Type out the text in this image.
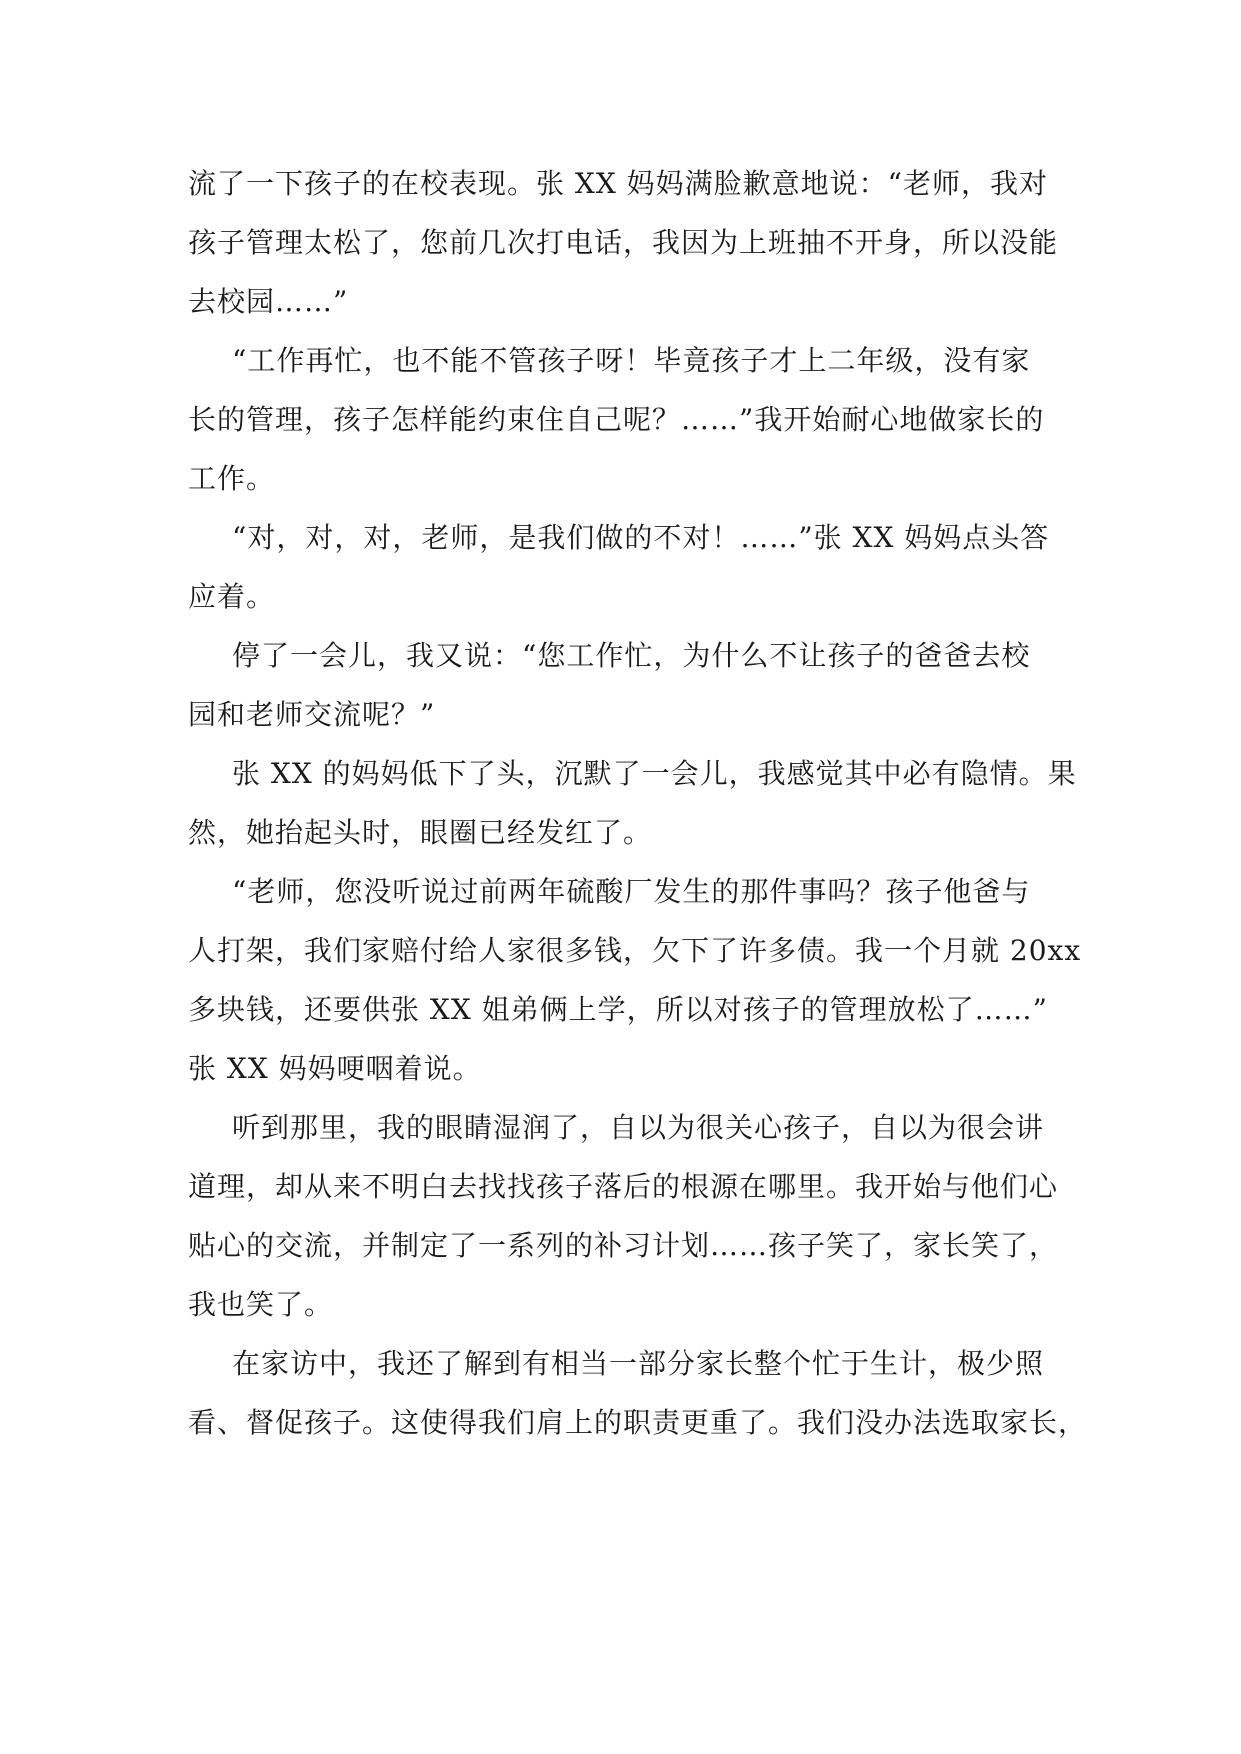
流了一下孩子的在校表现。张 XX 妈妈满脸歉意地说：“老师，我对
孩子管理太松了，您前几次打电话，我因为上班抽不开身，所以没能
去校园……”
“工作再忙，也不能不管孩子呀！毕竟孩子才上二年级，没有家
长的管理，孩子怎样能约束住自己呢？……”我开始耐心地做家长的
工作。
“对，对，对，老师，是我们做的不对！……”张 XX 妈妈点头答
应着。
停了一会儿，我又说：“您工作忙，为什么不让孩子的爸爸去校
园和老师交流呢？”
张 XX 的妈妈低下了头，沉默了一会儿，我感觉其中必有隐情。果
然，她抬起头时，眼圈已经发红了。
“老师，您没听说过前两年硫酸厂发生的那件事吗？孩子他爸与
人打架，我们家赔付给人家很多钱，欠下了许多债。我一个月就 20xx
多块钱，还要供张 XX 姐弟俩上学，所以对孩子的管理放松了……”
张 XX 妈妈哽咽着说。
听到那里，我的眼睛湿润了，自以为很关心孩子，自以为很会讲
道理，却从来不明白去找找孩子落后的根源在哪里。我开始与他们心
贴心的交流，并制定了一系列的补习计划……孩子笑了，家长笑了，
我也笑了。
在家访中，我还了解到有相当一部分家长整个忙于生计，极少照
看、督促孩子。这使得我们肩上的职责更重了。我们没办法选取家长，
